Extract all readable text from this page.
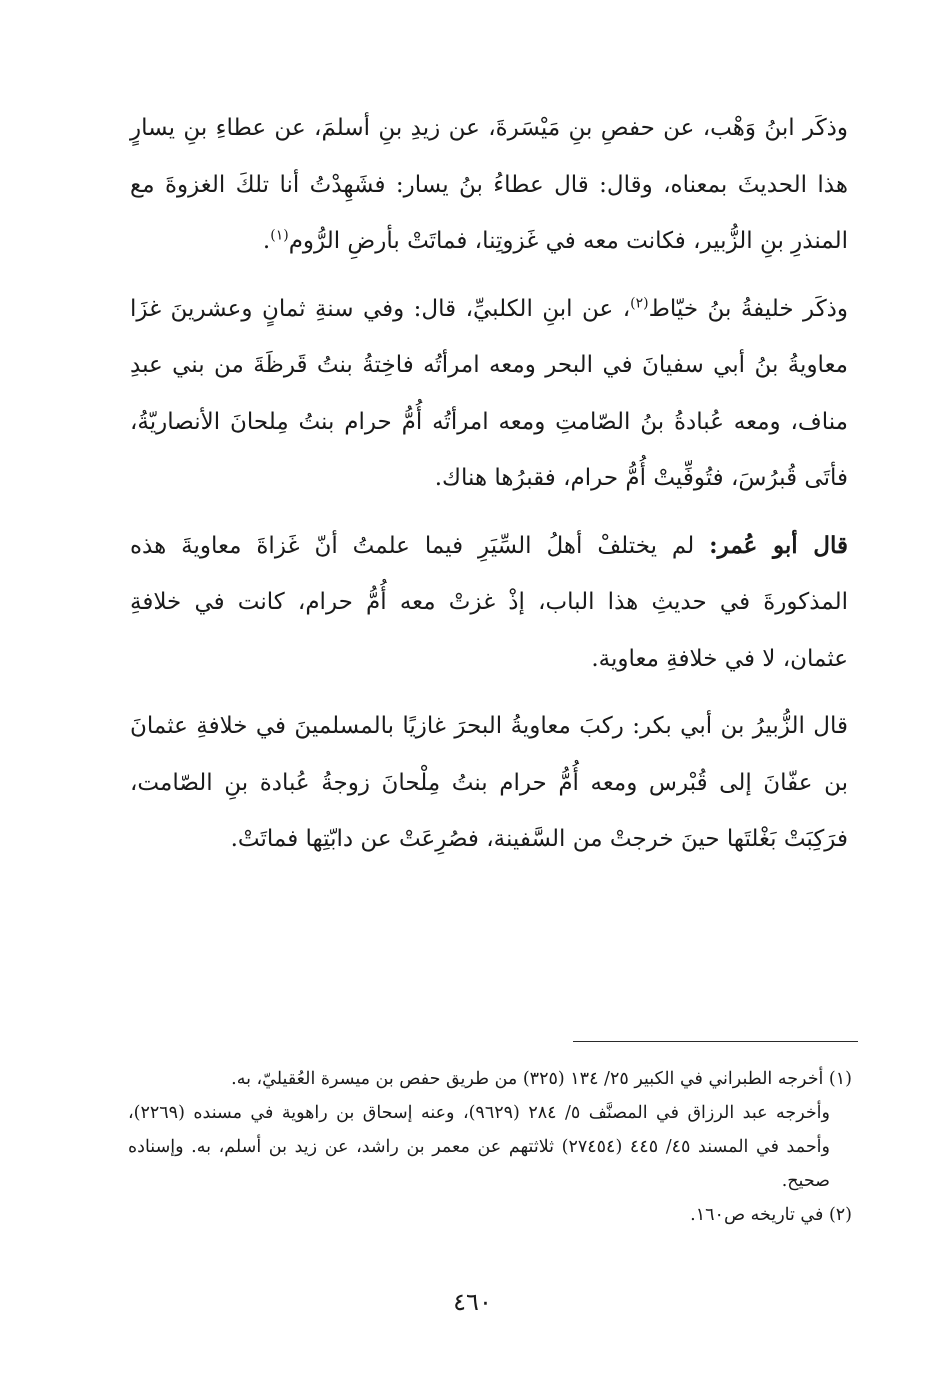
وذكَر ابنُ وَهْب، عن حفصِ بنِ مَيْسَرةَ، عن زيدِ بنِ أسلمَ، عن عطاءِ بنِ يسارٍ هذا الحديثَ بمعناه، وقال: قال عطاءُ بنُ يسار: فشَهِدْتُ أنا تلكَ الغزوةَ مع المنذرِ بنِ الزُّبير، فكانت معه في غَزوتِنا، فماتَتْ بأرضِ الرُّوم$^{(١)}$.

وذكَر خليفةُ بنُ خيّاط$^{(٢)}$، عن ابنِ الكلبيِّ، قال: وفي سنةِ ثمانٍ وعشرينَ غزَا معاويةُ بنُ أبي سفيانَ في البحر ومعه امرأتُه فاخِتةُ بنتُ قَرظَةَ من بني عبدِ مناف، ومعه عُبادةُ بنُ الصّامتِ ومعه امرأتُه أُمُّ حرام بنتُ مِلحانَ الأنصاريّةُ، فأتَى قُبرُسَ، فتُوفِّيتْ أُمُّ حرام، فقبرُها هناك.

قال أبو عُمر: لم يختلفْ أهلُ السِّيَرِ فيما علمتُ أنّ غَزاةَ معاويةَ هذه المذكورةَ في حديثِ هذا الباب، إذْ غزتْ معه أُمُّ حرام، كانت في خلافةِ عثمان، لا في خلافةِ معاوية.

قال الزُّبيرُ بن أبي بكر: ركبَ معاويةُ البحرَ غازيًا بالمسلمينَ في خلافةِ عثمانَ بن عفّانَ إلى قُبْرس ومعه أُمُّ حرام بنتُ مِلْحانَ زوجةُ عُبادة بنِ الصّامت، فرَكِبَتْ بَغْلتَها حينَ خرجتْ من السَّفينة، فصُرِعَتْ عن دابّتِها فماتَتْ.

(١) أخرجه الطبراني في الكبير ٢٥/ ١٣٤ (٣٢٥) من طريق حفص بن ميسرة العُقيليّ، به.

وأخرجه عبد الرزاق في المصنَّف ٥/ ٢٨٤ (٩٦٢٩)، وعنه إسحاق بن راهوية في مسنده (٢٢٦٩)، وأحمد في المسند ٤٥/ ٤٤٥ (٢٧٤٥٤) ثلاثتهم عن معمر بن راشد، عن زيد بن أسلم، به. وإسناده صحيح.

(٢) في تاريخه ص١٦٠.

٤٦٠
